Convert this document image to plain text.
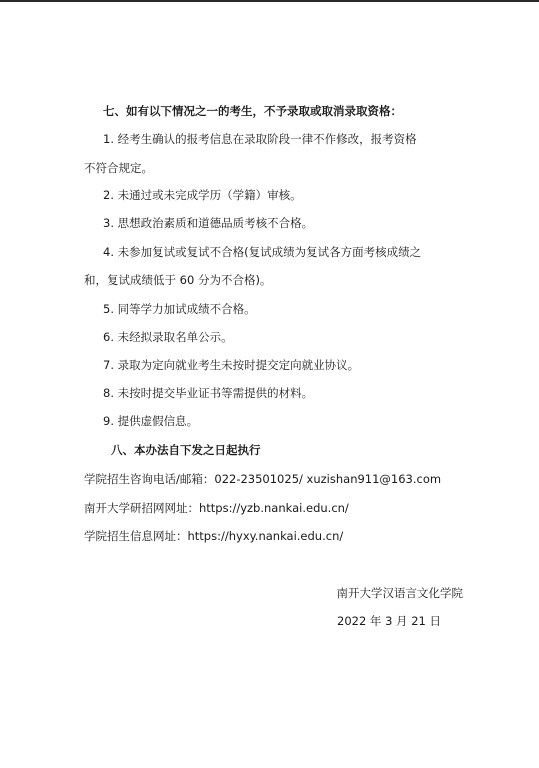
七、如有以下情况之一的考生，不予录取或取消录取资格：
1. 经考生确认的报考信息在录取阶段一律不作修改，报考资格
不符合规定。
2. 未通过或未完成学历（学籍）审核。
3. 思想政治素质和道德品质考核不合格。
4. 未参加复试或复试不合格(复试成绩为复试各方面考核成绩之
和，复试成绩低于 60 分为不合格)。
5. 同等学力加试成绩不合格。
6. 未经拟录取名单公示。
7. 录取为定向就业考生未按时提交定向就业协议。
8. 未按时提交毕业证书等需提供的材料。
9. 提供虚假信息。
八、本办法自下发之日起执行
学院招生咨询电话/邮箱：022-23501025/ xuzishan911@163.com
南开大学研招网网址：https://yzb.nankai.edu.cn/
学院招生信息网址：https://hyxy.nankai.edu.cn/
南开大学汉语言文化学院
2022 年 3 月 21 日
